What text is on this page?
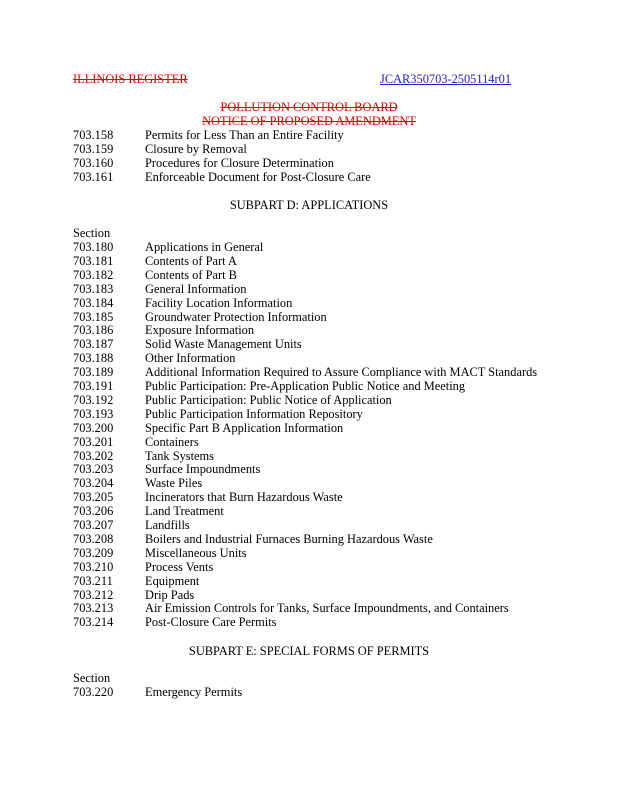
ILLINOIS REGISTER	JCAR350703-2505114r01
POLLUTION CONTROL BOARD
NOTICE OF PROPOSED AMENDMENT
703.158	Permits for Less Than an Entire Facility
703.159	Closure by Removal
703.160	Procedures for Closure Determination
703.161	Enforceable Document for Post-Closure Care
SUBPART D: APPLICATIONS
Section
703.180	Applications in General
703.181	Contents of Part A
703.182	Contents of Part B
703.183	General Information
703.184	Facility Location Information
703.185	Groundwater Protection Information
703.186	Exposure Information
703.187	Solid Waste Management Units
703.188	Other Information
703.189	Additional Information Required to Assure Compliance with MACT Standards
703.191	Public Participation: Pre-Application Public Notice and Meeting
703.192	Public Participation: Public Notice of Application
703.193	Public Participation Information Repository
703.200	Specific Part B Application Information
703.201	Containers
703.202	Tank Systems
703.203	Surface Impoundments
703.204	Waste Piles
703.205	Incinerators that Burn Hazardous Waste
703.206	Land Treatment
703.207	Landfills
703.208	Boilers and Industrial Furnaces Burning Hazardous Waste
703.209	Miscellaneous Units
703.210	Process Vents
703.211	Equipment
703.212	Drip Pads
703.213	Air Emission Controls for Tanks, Surface Impoundments, and Containers
703.214	Post-Closure Care Permits
SUBPART E: SPECIAL FORMS OF PERMITS
Section
703.220	Emergency Permits
